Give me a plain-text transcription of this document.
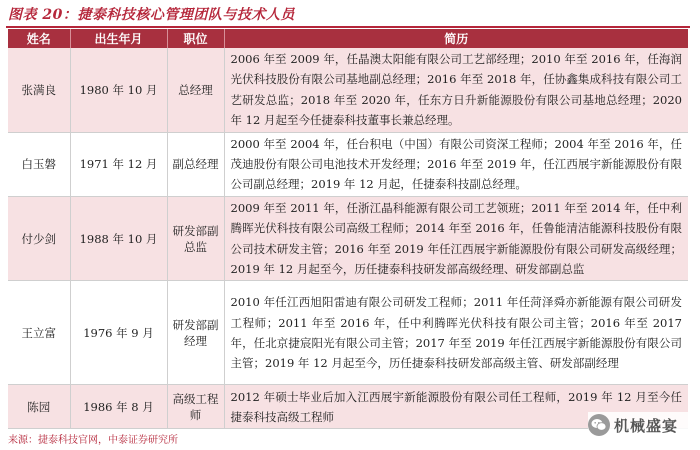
图表 20：捷泰科技核心管理团队与技术人员
姓名	出生年月	职位	简历
张满良	1980 年 10 月	总经理	2006 年至 2009 年，任晶澳太阳能有限公司工艺部经理；2010 年至 2016 年，任海润光伏科技股份有限公司基地副总经理；2016 年至 2018 年，任协鑫集成科技有限公司工艺研发总监；2018 年至 2020 年，任东方日升新能源股份有限公司基地总经理；2020 年 12 月起至今任捷泰科技董事长兼总经理。
白玉磐	1971 年 12 月	副总经理	2000 年至 2004 年，任台积电（中国）有限公司资深工程师；2004 年至 2016 年，任茂迪股份有限公司电池技术开发经理；2016 年至 2019 年，任江西展宇新能源股份有限公司副总经理；2019 年 12 月起，任捷泰科技副总经理。
付少剑	1988 年 10 月	研发部副总监	2009 年至 2011 年，任浙江晶科能源有限公司工艺领班；2011 年至 2014 年，任中利腾晖光伏科技有限公司高级工程师；2014 年至 2016 年，任鲁能清洁能源科技股份有限公司技术研发主管；2016 年至 2019 年任江西展宇新能源股份有限公司研发高级经理；2019 年 12 月起至今，历任捷泰科技研发部高级经理、研发部副总监
王立富	1976 年 9 月	研发部副经理	2010 年任江西旭阳雷迪有限公司研发工程师；2011 年任菏泽舜亦新能源有限公司研发工程师；2011 年至 2016 年，任中利腾晖光伏科技有限公司主管；2016 年至 2017 年，任北京捷宸阳光有限公司主管；2017 年至 2019 年任江西展宇新能源股份有限公司主管；2019 年 12 月起至今，历任捷泰科技研发部高级主管、研发部副经理
陈园	1986 年 8 月	高级工程师	2012 年硕士毕业后加入江西展宇新能源股份有限公司任工程师，2019 年 12 月至今任捷泰科技高级工程师
来源：捷泰科技官网，中泰证券研究所
机械盛宴
